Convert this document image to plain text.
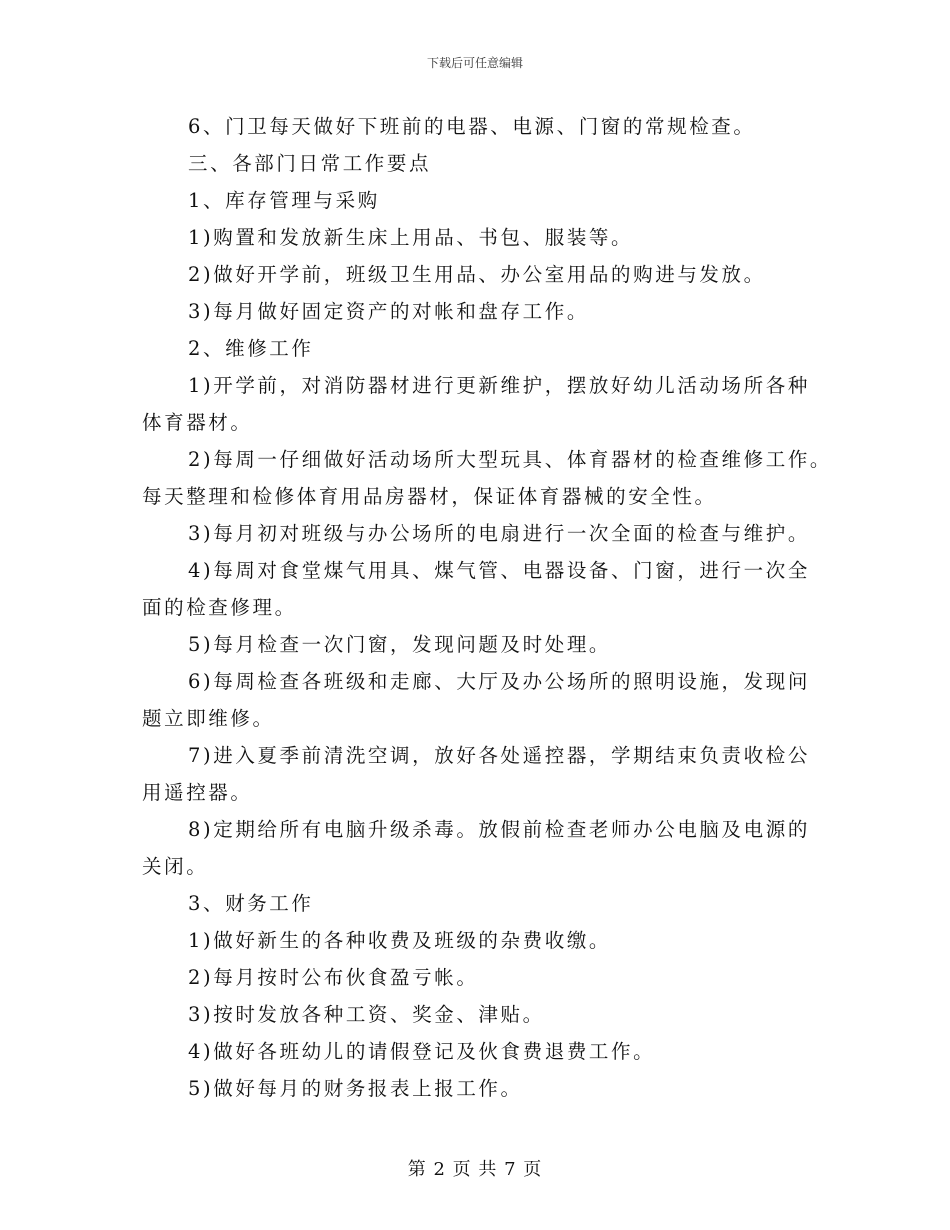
下载后可任意编辑
6、门卫每天做好下班前的电器、电源、门窗的常规检查。
三、各部门日常工作要点
1、库存管理与采购
1)购置和发放新生床上用品、书包、服装等。
2)做好开学前，班级卫生用品、办公室用品的购进与发放。
3)每月做好固定资产的对帐和盘存工作。
2、维修工作
1)开学前，对消防器材进行更新维护，摆放好幼儿活动场所各种
体育器材。
2)每周一仔细做好活动场所大型玩具、体育器材的检查维修工作。
每天整理和检修体育用品房器材，保证体育器械的安全性。
3)每月初对班级与办公场所的电扇进行一次全面的检查与维护。
4)每周对食堂煤气用具、煤气管、电器设备、门窗，进行一次全
面的检查修理。
5)每月检查一次门窗，发现问题及时处理。
6)每周检查各班级和走廊、大厅及办公场所的照明设施，发现问
题立即维修。
7)进入夏季前清洗空调，放好各处遥控器，学期结束负责收检公
用遥控器。
8)定期给所有电脑升级杀毒。放假前检查老师办公电脑及电源的
关闭。
3、财务工作
1)做好新生的各种收费及班级的杂费收缴。
2)每月按时公布伙食盈亏帐。
3)按时发放各种工资、奖金、津贴。
4)做好各班幼儿的请假登记及伙食费退费工作。
5)做好每月的财务报表上报工作。
第 2 页 共 7 页
